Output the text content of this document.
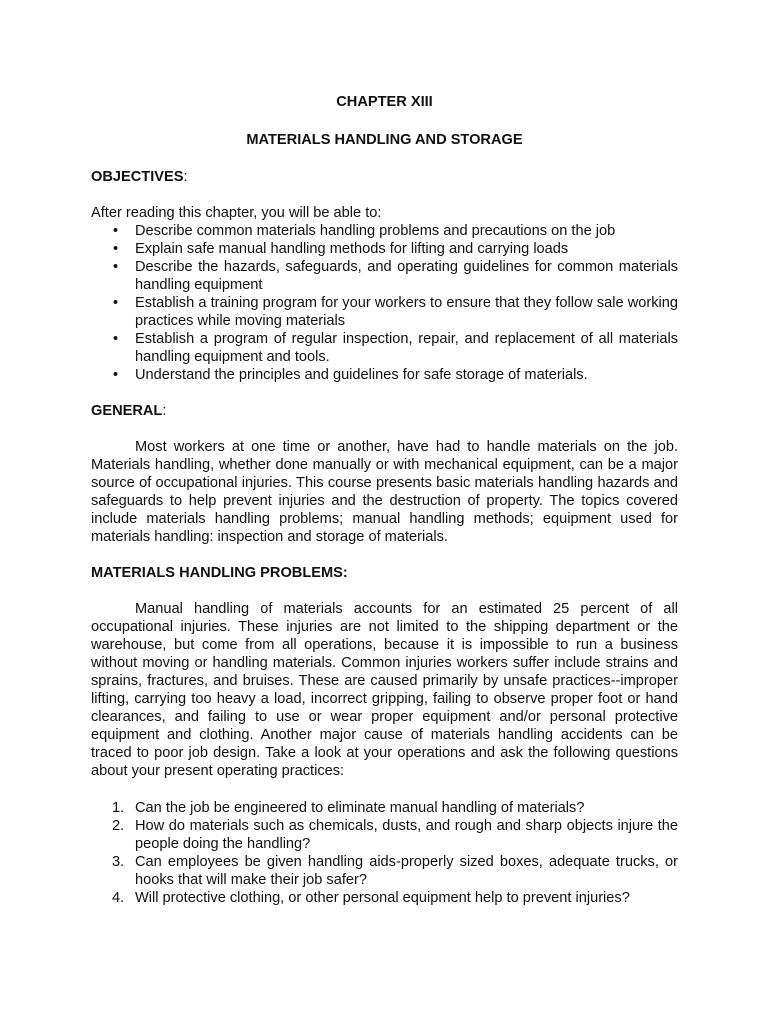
CHAPTER XIII
MATERIALS HANDLING AND STORAGE
OBJECTIVES:
After reading this chapter, you will be able to:
• Describe common materials handling problems and precautions on the job
• Explain safe manual handling methods for lifting and carrying loads
• Describe the hazards, safeguards, and operating guidelines for common materials handling equipment
• Establish a training program for your workers to ensure that they follow sale working practices while moving materials
• Establish a program of regular inspection, repair, and replacement of all materials handling equipment and tools.
• Understand the principles and guidelines for safe storage of materials.
GENERAL:

Most workers at one time or another, have had to handle materials on the job. Materials handling, whether done manually or with mechanical equipment, can be a major source of occupational injuries. This course presents basic materials handling hazards and safeguards to help prevent injuries and the destruction of property. The topics covered include materials handling problems; manual handling methods; equipment used for materials handling: inspection and storage of materials.

MATERIALS HANDLING PROBLEMS:

Manual handling of materials accounts for an estimated 25 percent of all occupational injuries. These injuries are not limited to the shipping department or the warehouse, but come from all operations, because it is impossible to run a business without moving or handling materials. Common injuries workers suffer include strains and sprains, fractures, and bruises. These are caused primarily by unsafe practices--improper lifting, carrying too heavy a load, incorrect gripping, failing to observe proper foot or hand clearances, and failing to use or wear proper equipment and/or personal protective equipment and clothing. Another major cause of materials handling accidents can be traced to poor job design. Take a look at your operations and ask the following questions about your present operating practices:

1. Can the job be engineered to eliminate manual handling of materials?
2. How do materials such as chemicals, dusts, and rough and sharp objects injure the people doing the handling?
3. Can employees be given handling aids-properly sized boxes, adequate trucks, or hooks that will make their job safer?
4. Will protective clothing, or other personal equipment help to prevent injuries?
